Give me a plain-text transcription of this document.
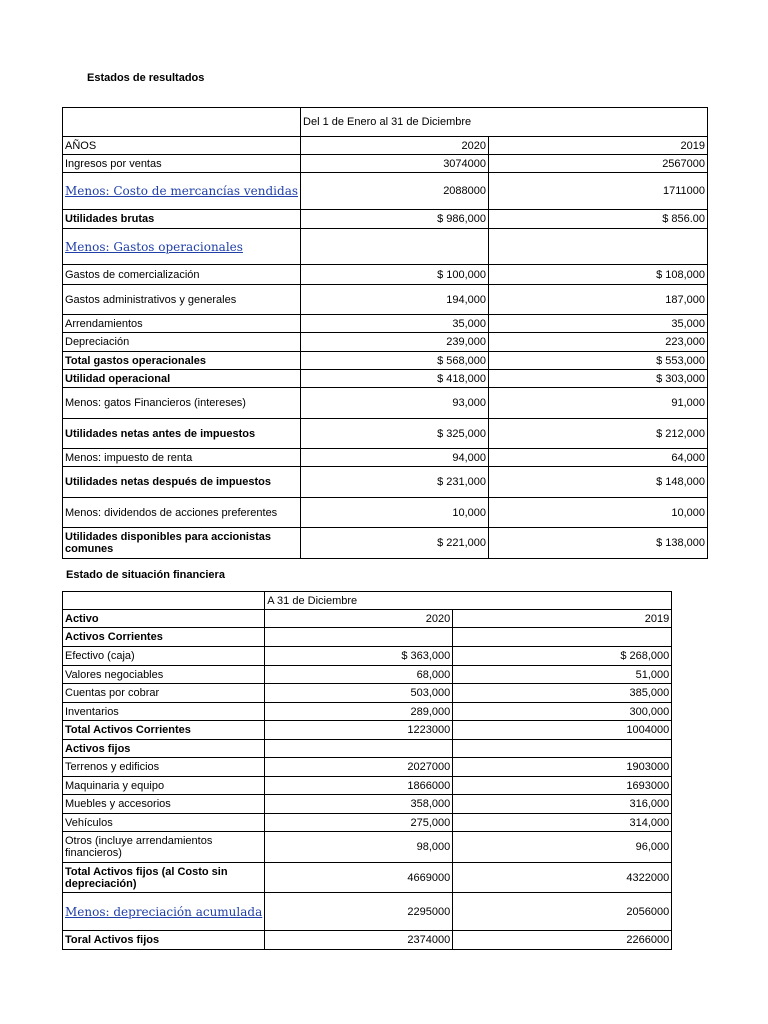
Estados de resultados
	Del 1 de Enero al 31 de Diciembre	
AÑOS	2020	2019
Ingresos por ventas	3074000	2567000
Menos: Costo de mercancías vendidas	2088000	1711000
Utilidades brutas	$ 986,000	$ 856.00
Menos: Gastos operacionales		
Gastos de comercialización	$ 100,000	$ 108,000
Gastos administrativos y generales	194,000	187,000
Arrendamientos	35,000	35,000
Depreciación	239,000	223,000
Total gastos operacionales	$ 568,000	$ 553,000
Utilidad operacional	$ 418,000	$ 303,000
Menos: gatos Financieros (intereses)	93,000	91,000
Utilidades netas antes de impuestos	$ 325,000	$ 212,000
Menos: impuesto de renta	94,000	64,000
Utilidades netas después de impuestos	$ 231,000	$ 148,000
Menos: dividendos de acciones preferentes	10,000	10,000
Utilidades disponibles para accionistas comunes	$ 221,000	$ 138,000
Estado de situación financiera
	A 31 de Diciembre	
Activo	2020	2019
Activos Corrientes		
Efectivo (caja)	$ 363,000	$ 268,000
Valores negociables	68,000	51,000
Cuentas por cobrar	503,000	385,000
Inventarios	289,000	300,000
Total Activos Corrientes	1223000	1004000
Activos fijos		
Terrenos y edificios	2027000	1903000
Maquinaria y equipo	1866000	1693000
Muebles y accesorios	358,000	316,000
Vehículos	275,000	314,000
Otros (incluye arrendamientos financieros)	98,000	96,000
Total Activos fijos (al Costo sin depreciación)	4669000	4322000
Menos: depreciación acumulada	2295000	2056000
Toral Activos fijos	2374000	2266000
